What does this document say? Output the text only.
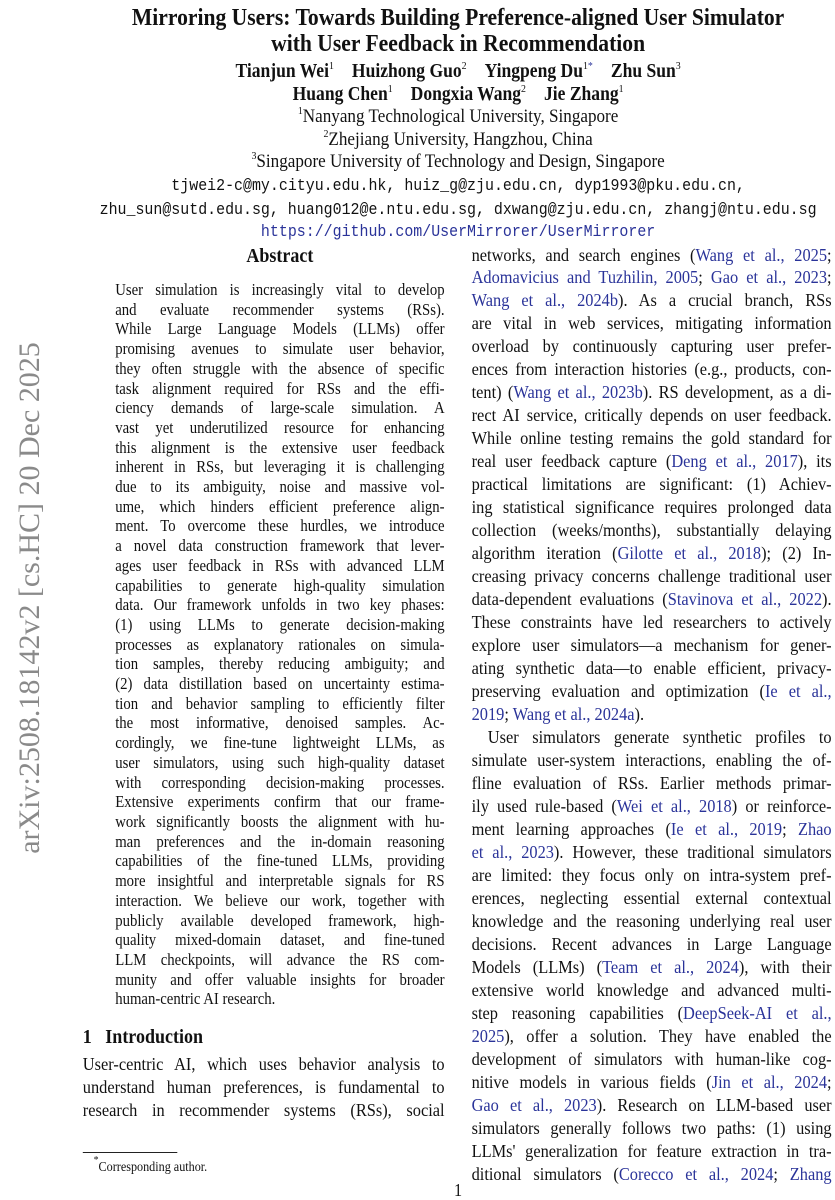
arXiv:2508.18142v2 [cs.HC] 20 Dec 2025
Mirroring Users: Towards Building Preference-aligned User Simulator
with User Feedback in Recommendation
Tianjun Wei$^1$ Huizhong Guo$^2$ Yingpeng $Du^{1*}$ Zhu Sun$^3$
Huang Chen$^1$ Dongxia Wang$^2$ Jie Zhang$^1$
$^1$Nanyang Technological University, Singapore
$^2$Zhejiang University, Hangzhou, China
$^3$Singapore University of Technology and Design, Singapore
tjwei2-c@my.cityu.edu.hk, huiz_g@zju.edu.cn, dyp1993@pku.edu.cn,
zhu_sun@sutd.edu.sg, huang012@e.ntu.edu.sg, dxwang@zju.edu.cn, zhangj@ntu.edu.sg
https://github.com/UserMirrorer/UserMirrorer
Abstract
User simulation is increasingly vital to develop
and evaluate recommender systems (RSs).
While Large Language Models (LLMs) offer
promising avenues to simulate user behavior,
they often struggle with the absence of specific
task alignment required for RSs and the effi-
ciency demands of large-scale simulation. A
vast yet underutilized resource for enhancing
this alignment is the extensive user feedback
inherent in RSs, but leveraging it is challenging
due to its ambiguity, noise and massive vol-
ume, which hinders efficient preference align-
ment. To overcome these hurdles, we introduce
a novel data construction framework that lever-
ages user feedback in RSs with advanced LLM
capabilities to generate high-quality simulation
data. Our framework unfolds in two key phases:
(1) using LLMs to generate decision-making
processes as explanatory rationales on simula-
tion samples, thereby reducing ambiguity; and
(2) data distillation based on uncertainty estima-
tion and behavior sampling to efficiently filter
the most informative, denoised samples. Ac-
cordingly, we fine-tune lightweight LLMs, as
user simulators, using such high-quality dataset
with corresponding decision-making processes.
Extensive experiments confirm that our frame-
work significantly boosts the alignment with hu-
man preferences and the in-domain reasoning
capabilities of the fine-tuned LLMs, providing
more insightful and interpretable signals for RS
interaction. We believe our work, together with
publicly available developed framework, high-
quality mixed-domain dataset, and fine-tuned
LLM checkpoints, will advance the RS com-
munity and offer valuable insights for broader
human-centric AI research.
1   Introduction
User-centric AI, which uses behavior analysis to
understand human preferences, is fundamental to
research in recommender systems (RSs), social
networks, and search engines (Wang et al., 2025;
Adomavicius and Tuzhilin, 2005; Gao et al., 2023;
Wang et al., 2024b). As a crucial branch, RSs
are vital in web services, mitigating information
overload by continuously capturing user prefer-
ences from interaction histories (e.g., products, con-
tent) (Wang et al., 2023b). RS development, as a di-
rect AI service, critically depends on user feedback.
While online testing remains the gold standard for
real user feedback capture (Deng et al., 2017), its
practical limitations are significant: (1) Achiev-
ing statistical significance requires prolonged data
collection (weeks/months), substantially delaying
algorithm iteration (Gilotte et al., 2018); (2) In-
creasing privacy concerns challenge traditional user
data-dependent evaluations (Stavinova et al., 2022).
These constraints have led researchers to actively
explore user simulators—a mechanism for gener-
ating synthetic data—to enable efficient, privacy-
preserving evaluation and optimization (Ie et al.,
2019; Wang et al., 2024a).
User simulators generate synthetic profiles to
simulate user-system interactions, enabling the of-
fline evaluation of RSs. Earlier methods primar-
ily used rule-based (Wei et al., 2018) or reinforce-
ment learning approaches (Ie et al., 2019; Zhao
et al., 2023). However, these traditional simulators
are limited: they focus only on intra-system pref-
erences, neglecting essential external contextual
knowledge and the reasoning underlying real user
decisions. Recent advances in Large Language
Models (LLMs) (Team et al., 2024), with their
extensive world knowledge and advanced multi-
step reasoning capabilities (DeepSeek-AI et al.,
2025), offer a solution. They have enabled the
development of simulators with human-like cog-
nitive models in various fields (Jin et al., 2024;
Gao et al., 2023). Research on LLM-based user
simulators generally follows two paths: (1) using
LLMs' generalization for feature extraction in tra-
ditional simulators (Corecco et al., 2024; Zhang
*Corresponding author.
1
